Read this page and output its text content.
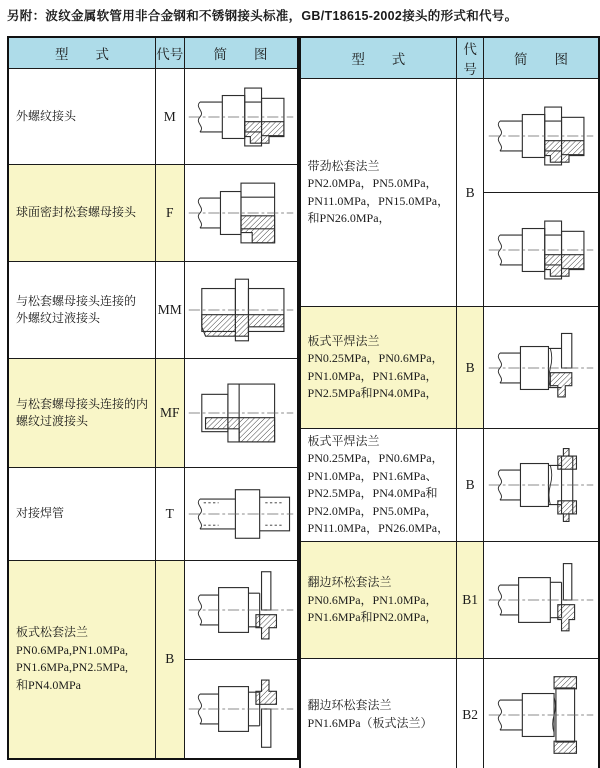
另附：波纹金属软管用非合金钢和不锈钢接头标准，GB/T18615-2002接头的形式和代号。
型　　式	代号	简　　图

外螺纹接头	M	

球面密封松套螺母接头	F	

与松套螺母接头连接的
外螺纹过液接头	MM	

与松套螺母接头连接的内
螺纹过渡接头	MF	

对接焊管	T	

板式松套法兰
PN0.6MPa,PN1.0MPa,
PN1.6MPa,PN2.5MPa,
和PN4.0MPa	B	

型　　式	代号	简　　图

带劲松套法兰
PN2.0MPa，PN5.0MPa，
PN11.0MPa，PN15.0MPa，
和PN26.0MPa，	B	

板式平焊法兰
PN0.25MPa，PN0.6MPa，
PN1.0MPa，PN1.6MPa，
PN2.5MPa和PN4.0MPa，	B	

板式平焊法兰
PN0.25MPa，PN0.6MPa，
PN1.0MPa，PN1.6MPa、
PN2.5MPa，PN4.0MPa和
PN2.0MPa，PN5.0MPa，
PN11.0MPa，PN26.0MPa，
	B	

翻边环松套法兰
PN0.6MPa，PN1.0MPa，
PN1.6MPa和PN2.0MPa，	B1	

翻边环松套法兰
PN1.6MPa（板式法兰）	B2	
